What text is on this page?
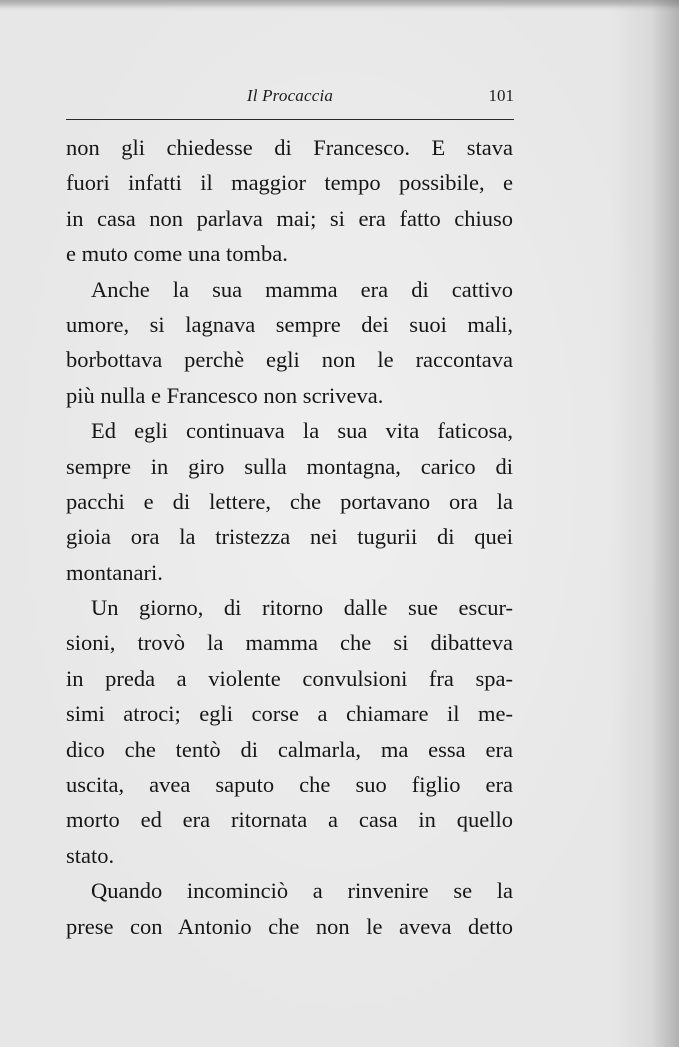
Il Procaccia	101
non gli chiedesse di Francesco. E stava
fuori infatti il maggior tempo possibile, e
in casa non parlava mai; si era fatto chiuso
e muto come una tomba.
Anche la sua mamma era di cattivo
umore, si lagnava sempre dei suoi mali,
borbottava perchè egli non le raccontava
più nulla e Francesco non scriveva.
Ed egli continuava la sua vita faticosa,
sempre in giro sulla montagna, carico di
pacchi e di lettere, che portavano ora la
gioia ora la tristezza nei tugurii di quei
montanari.
Un giorno, di ritorno dalle sue escur-
sioni, trovò la mamma che si dibatteva
in preda a violente convulsioni fra spa-
simi atroci; egli corse a chiamare il me-
dico che tentò di calmarla, ma essa era
uscita, avea saputo che suo figlio era
morto ed era ritornata a casa in quello
stato.
Quando incominciò a rinvenire se la
prese con Antonio che non le aveva detto
